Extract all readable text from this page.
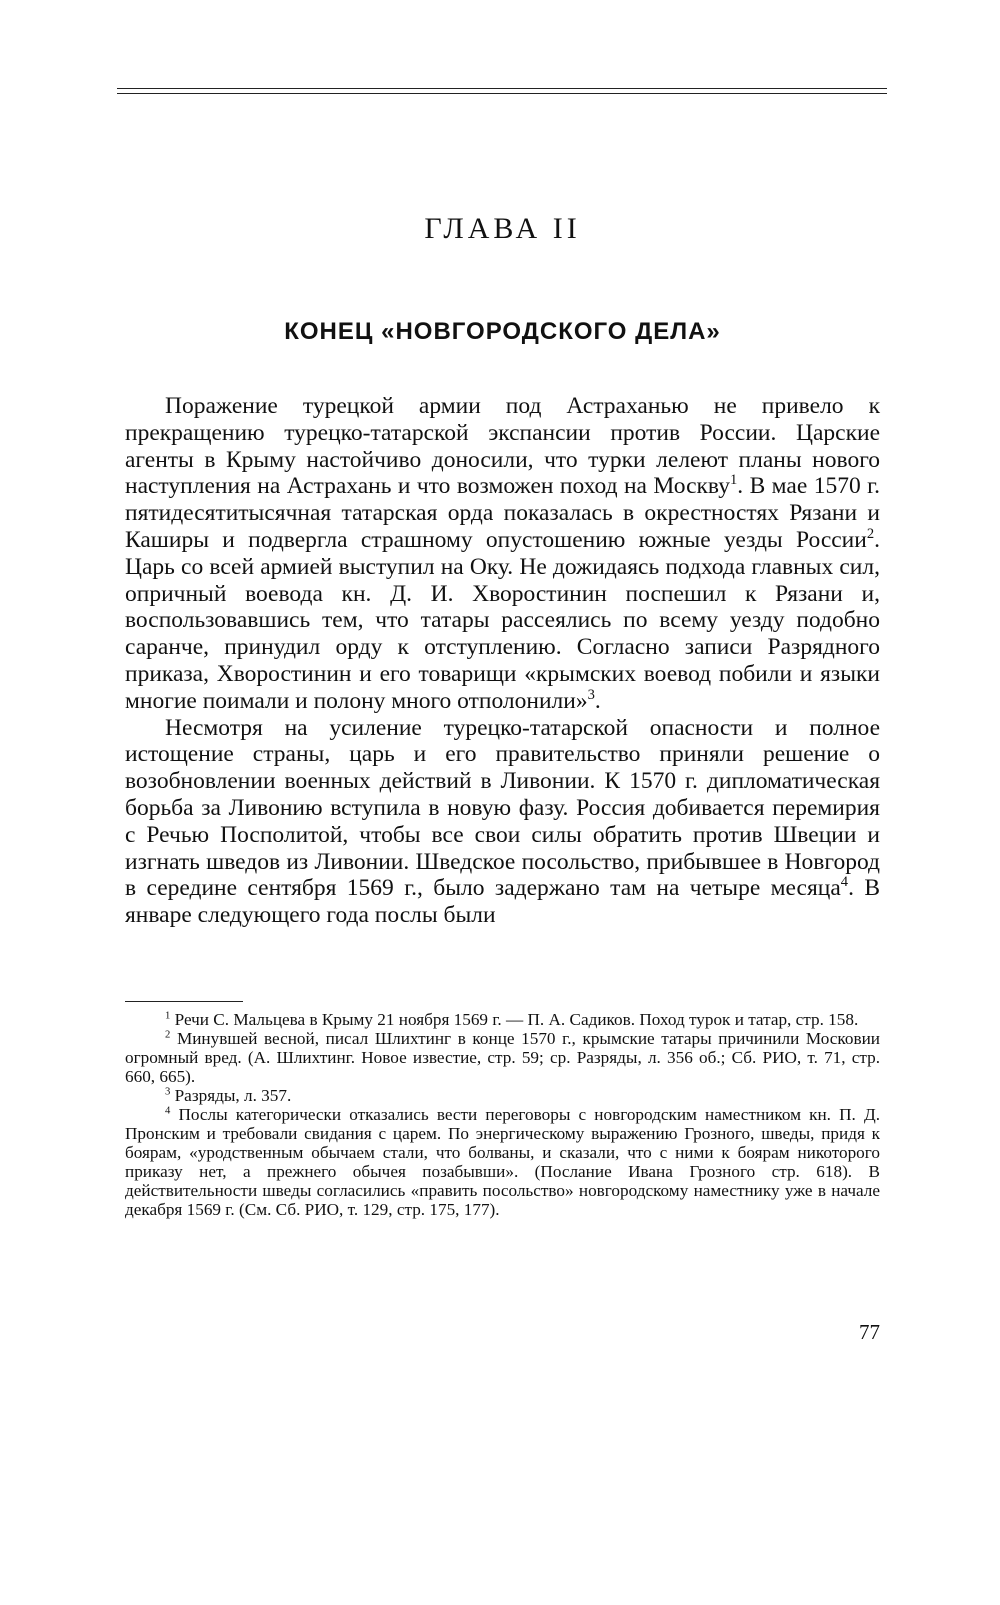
ГЛАВА II
КОНЕЦ «НОВГОРОДСКОГО ДЕЛА»

Поражение турецкой армии под Астраханью не привело к прекращению турецко-татарской экспансии против России. Царские агенты в Крыму настойчиво доносили, что турки лелеют планы нового наступления на Астрахань и что возможен поход на Москву$^1$. В мае 1570 г. пятидесятитысячная татарская орда показалась в окрестностях Рязани и Каширы и подвергла страшному опустошению южные уезды России$^2$. Царь со всей армией выступил на Оку. Не дожидаясь подхода главных сил, опричный воевода кн. Д. И. Хворостинин поспешил к Рязани и, воспользовавшись тем, что татары рассеялись по всему уезду подобно саранче, принудил орду к отступлению. Согласно записи Разрядного приказа, Хворостинин и его товарищи «крымских воевод побили и языки многие поимали и полону много отполонили»$^3$.

Несмотря на усиление турецко-татарской опасности и полное истощение страны, царь и его правительство приняли решение о возобновлении военных действий в Ливонии. К 1570 г. дипломатическая борьба за Ливонию вступила в новую фазу. Россия добивается перемирия с Речью Посполитой, чтобы все свои силы обратить против Швеции и изгнать шведов из Ливонии. Шведское посольство, прибывшее в Новгород в середине сентября 1569 г., было задержано там на четыре месяца$^4$. В январе следующего года послы были

$^1$ Речи С. Мальцева в Крыму 21 ноября 1569 г. — П. А. Садиков. Поход турок и татар, стр. 158.

$^2$ Минувшей весной, писал Шлихтинг в конце 1570 г., крымские татары причинили Московии огромный вред. (А. Шлихтинг. Новое известие, стр. 59; ср. Разряды, л. 356 об.; Сб. РИО, т. 71, стр. 660, 665).

$^3$ Разряды, л. 357.

$^4$ Послы категорически отказались вести переговоры с новгородским наместником кн. П. Д. Пронским и требовали свидания с царем. По энергическому выражению Грозного, шведы, придя к боярам, «уродственным обычаем стали, что болваны, и сказали, что с ними к боярам никоторого приказу нет, а прежнего обычея позабывши». (Послание Ивана Грозного стр. 618). В действительности шведы согласились «править посольство» новгородскому наместнику уже в начале декабря 1569 г. (См. Сб. РИО, т. 129, стр. 175, 177).

77
